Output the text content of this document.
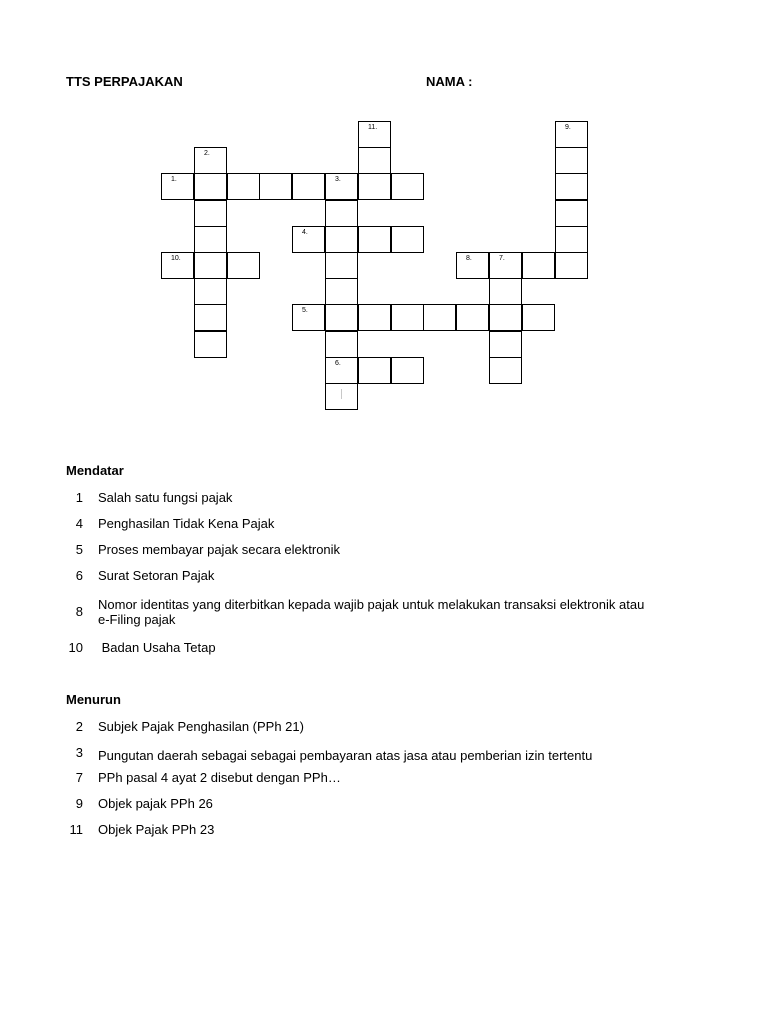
TTS PERPAJAKAN	NAMA :
11.	9.
2.
1.	3.
4.
10.	8.	7.
5.
6.
Mendatar
1 Salah satu fungsi pajak
4 Penghasilan Tidak Kena Pajak
5 Proses membayar pajak secara elektronik
6 Surat Setoran Pajak
8 Nomor identitas yang diterbitkan kepada wajib pajak untuk melakukan transaksi elektronik atau
e-Filing pajak
10 Badan Usaha Tetap
Menurun
2 Subjek Pajak Penghasilan (PPh 21)
3 Pungutan daerah sebagai sebagai pembayaran atas jasa atau pemberian izin tertentu
7 PPh pasal 4 ayat 2 disebut dengan PPh…
9 Objek pajak PPh 26
11 Objek Pajak PPh 23
